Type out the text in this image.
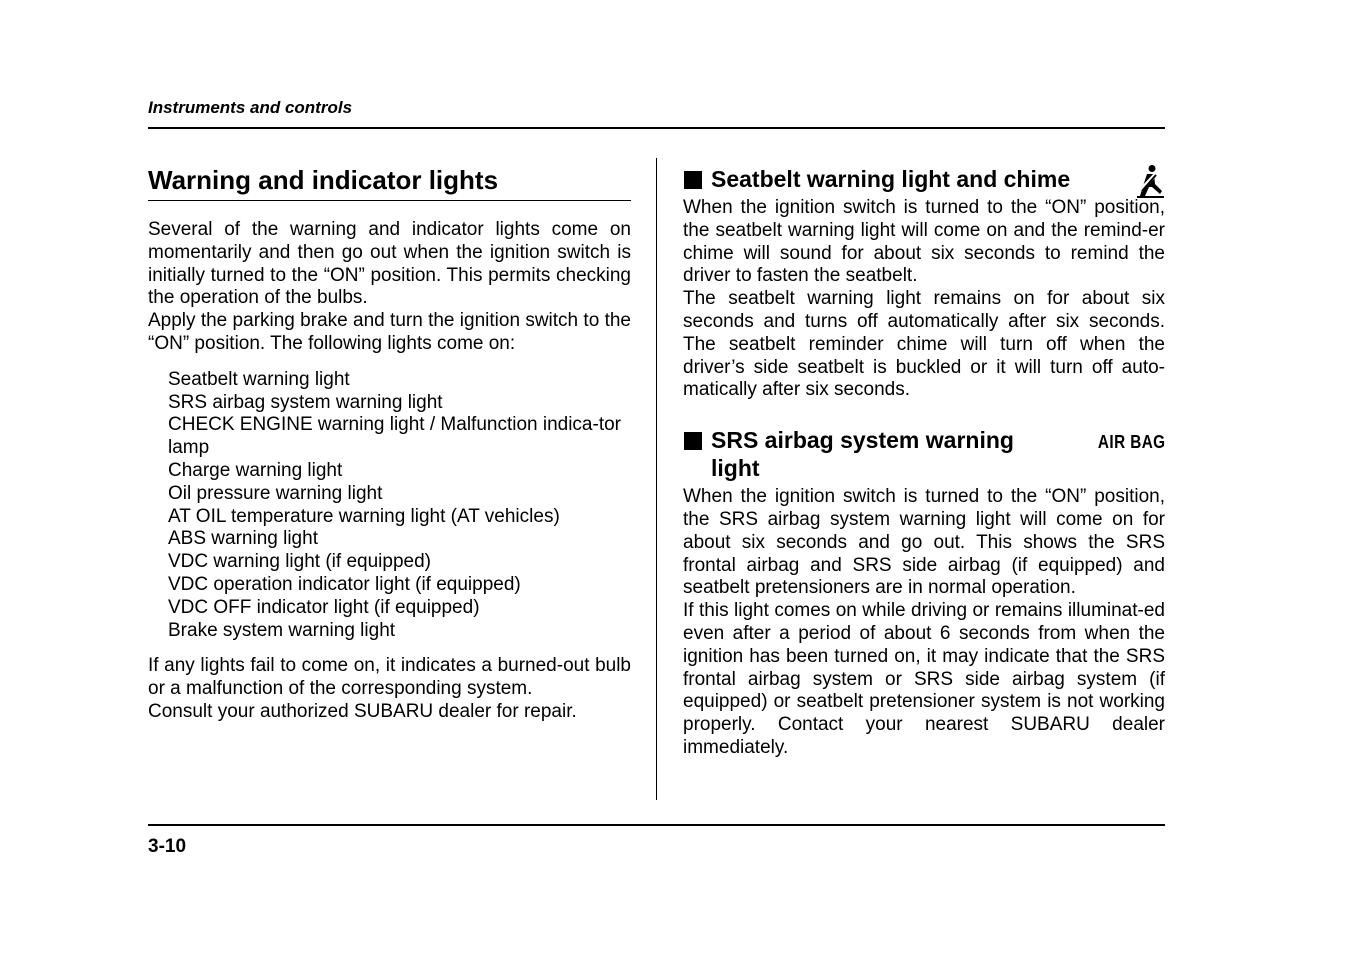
Instruments and controls
Warning and indicator lights

Several of the warning and indicator lights come on momentarily and then go out when the ignition switch is initially turned to the “ON” position. This permits checking the operation of the bulbs.

Apply the parking brake and turn the ignition switch to the “ON” position. The following lights come on:

Seatbelt warning light
SRS airbag system warning light
CHECK ENGINE warning light / Malfunction indica-tor lamp
Charge warning light
Oil pressure warning light
AT OIL temperature warning light (AT vehicles)
ABS warning light
VDC warning light (if equipped)
VDC operation indicator light (if equipped)
VDC OFF indicator light (if equipped)
Brake system warning light

If any lights fail to come on, it indicates a burned-out bulb or a malfunction of the corresponding system.

Consult your authorized SUBARU dealer for repair.

Seatbelt warning light and chime

When the ignition switch is turned to the “ON” position, the seatbelt warning light will come on and the remind-er chime will sound for about six seconds to remind the driver to fasten the seatbelt.

The seatbelt warning light remains on for about six seconds and turns off automatically after six seconds. The seatbelt reminder chime will turn off when the driver’s side seatbelt is buckled or it will turn off auto-matically after six seconds.

SRS airbag system warning light
AIR BAG

When the ignition switch is turned to the “ON” position, the SRS airbag system warning light will come on for about six seconds and go out. This shows the SRS frontal airbag and SRS side airbag (if equipped) and seatbelt pretensioners are in normal operation.

If this light comes on while driving or remains illuminat-ed even after a period of about 6 seconds from when the ignition has been turned on, it may indicate that the SRS frontal airbag system or SRS side airbag system (if equipped) or seatbelt pretensioner system is not working properly. Contact your nearest SUBARU dealer immediately.

3-10
